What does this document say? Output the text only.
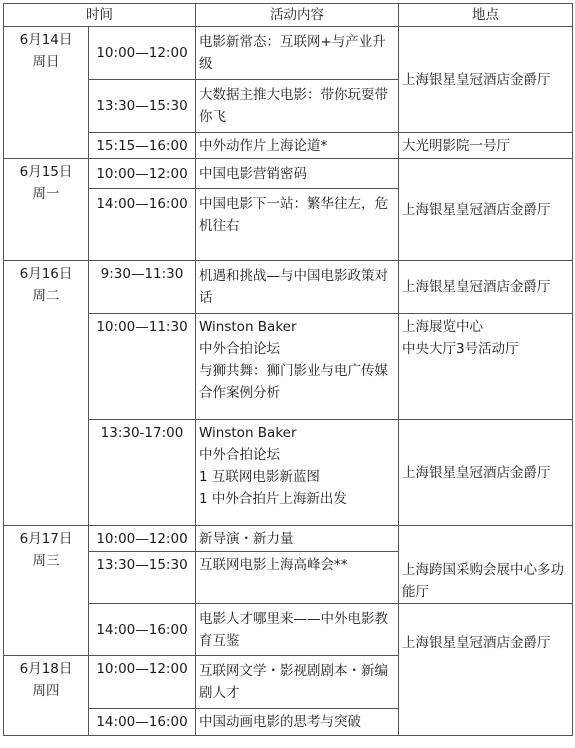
时间		活动内容	地点

6月14日
周日	10:00—12:00	电影新常态：互联网+与产业升级	上海银星皇冠酒店金爵厅

	13:30—15:30	大数据主推大电影：带你玩耍带你飞	

	15:15—16:00	中外动作片上海论道*	大光明影院一号厅

6月15日
周一	10:00—12:00	中国电影营销密码	上海银星皇冠酒店金爵厅

	14:00—16:00	中国电影下一站：繁华往左，危机往右	

6月16日
周二	9:30—11:30	机遇和挑战—与中国电影政策对话	上海银星皇冠酒店金爵厅

	10:00—11:30	Winston Baker
中外合拍论坛
与狮共舞：狮门影业与电广传媒合作案例分析	上海展览中心
中央大厅3号活动厅

	13:30-17:00	Winston Baker
中外合拍论坛
1 互联网电影新蓝图
1 中外合拍片上海新出发	上海银星皇冠酒店金爵厅

6月17日
周三	10:00—12:00	新导演・新力量	上海跨国采购会展中心多功能厅

	13:30—15:30	互联网电影上海高峰会**	

	14:00—16:00	电影人才哪里来——中外电影教育互鉴	上海银星皇冠酒店金爵厅

6月18日
周四	10:00—12:00	互联网文学・影视剧剧本・新编剧人才	

	14:00—16:00	中国动画电影的思考与突破	
